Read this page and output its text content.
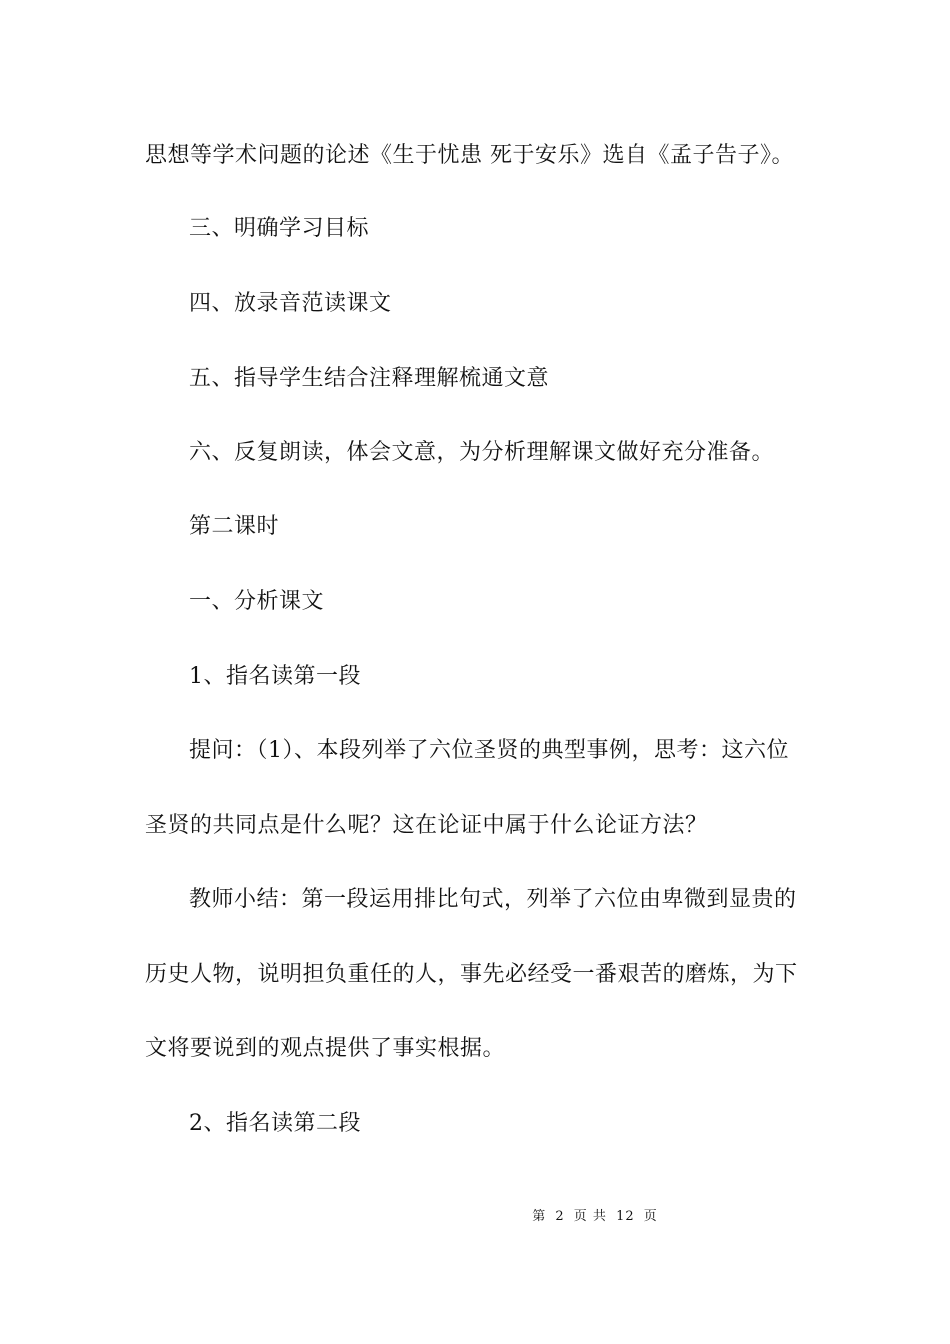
思想等学术问题的论述《生于忧患 死于安乐》选自《孟子告子》。
三、明确学习目标
四、放录音范读课文
五、指导学生结合注释理解梳通文意
六、反复朗读，体会文意，为分析理解课文做好充分准备。
第二课时
一、分析课文
1、指名读第一段
提问：（1）、本段列举了六位圣贤的典型事例，思考：这六位
圣贤的共同点是什么呢？这在论证中属于什么论证方法？
教师小结：第一段运用排比句式，列举了六位由卑微到显贵的
历史人物，说明担负重任的人，事先必经受一番艰苦的磨炼，为下
文将要说到的观点提供了事实根据。
2、指名读第二段
第 2 页 共 12 页
